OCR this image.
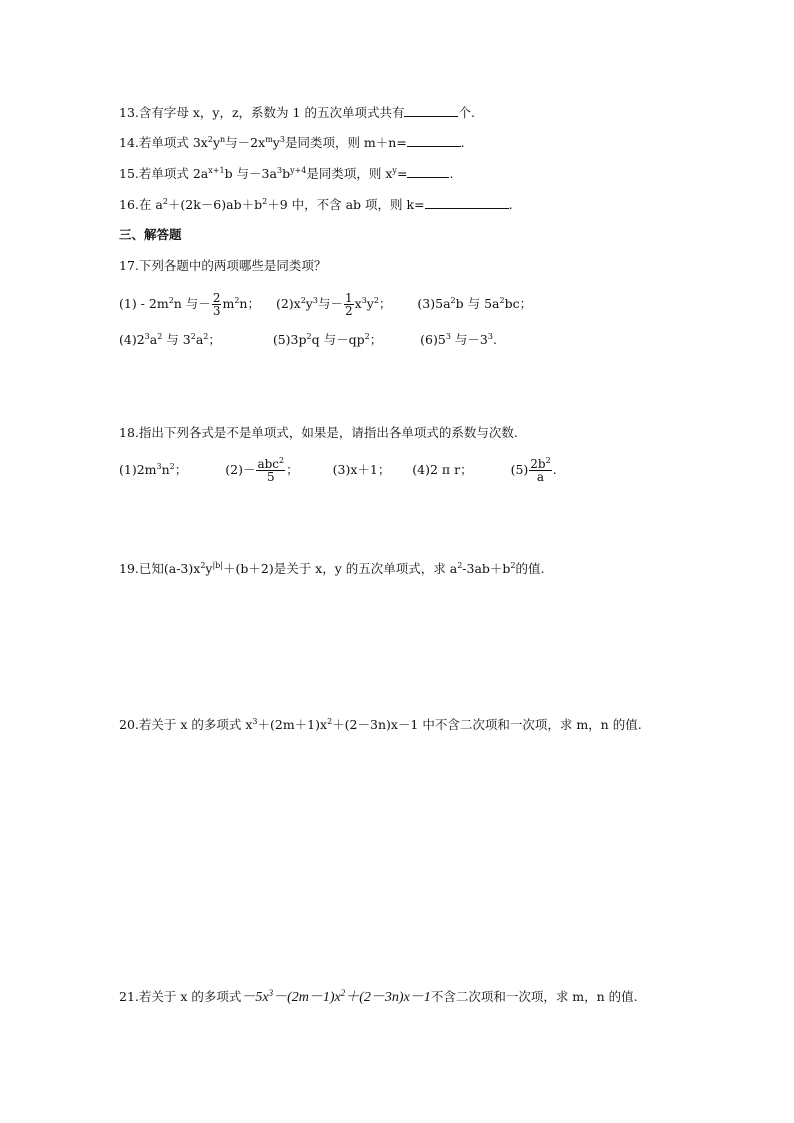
13.含有字母 x，y，z，系数为 1 的五次单项式共有	个.
14.若单项式 $3x^2y^n$与$-2x^my^3$是同类项，则 m＋n=	.
15.若单项式 $2a^{x+1}b$ 与$-3a^3b^{y+4}$是同类项，则 $x^y=$	.
16.在 $a^2+(2k-6)ab+b^2+9$ 中，不含 ab 项，则 k=	.
三、解答题
17.下列各题中的两项哪些是同类项？
$(1) - 2m^2n$ 与－ $\frac{2}{3} m^2n$； $(2)x^2y^3$与－ $\frac{1}{2} x^3y^2$； $(3)5a^2b$ 与 $5a^2bc$；
$(4)2^3a^2$ 与 $3^2a^2$；	$(5)3p^2q$ 与$-qp^2$；	$(6)5^3$ 与$-3^3$.
18.指出下列各式是不是单项式，如果是，请指出各单项式的系数与次数.
$(1)2m^3n^2$；	$(2)- \frac{abc^2}{5}$ ；	(3)x＋1； (4)2 π r；	$(5) \frac{2b^2}{a}$ .
19.已知$(a-3)x^2y^{|b|}+(b+2)$是关于 x，y 的五次单项式，求 $a^2-3ab+b^2$的值.
20.若关于 x 的多项式 $x^3+(2m+1)x^2+(2-3n)x-1$ 中不含二次项和一次项，求 m，n 的值.
21.若关于 x 的多项式$-5x^3-(2m-1)x^2+(2-3n)x-1$不含二次项和一次项，求 m，n 的值.
